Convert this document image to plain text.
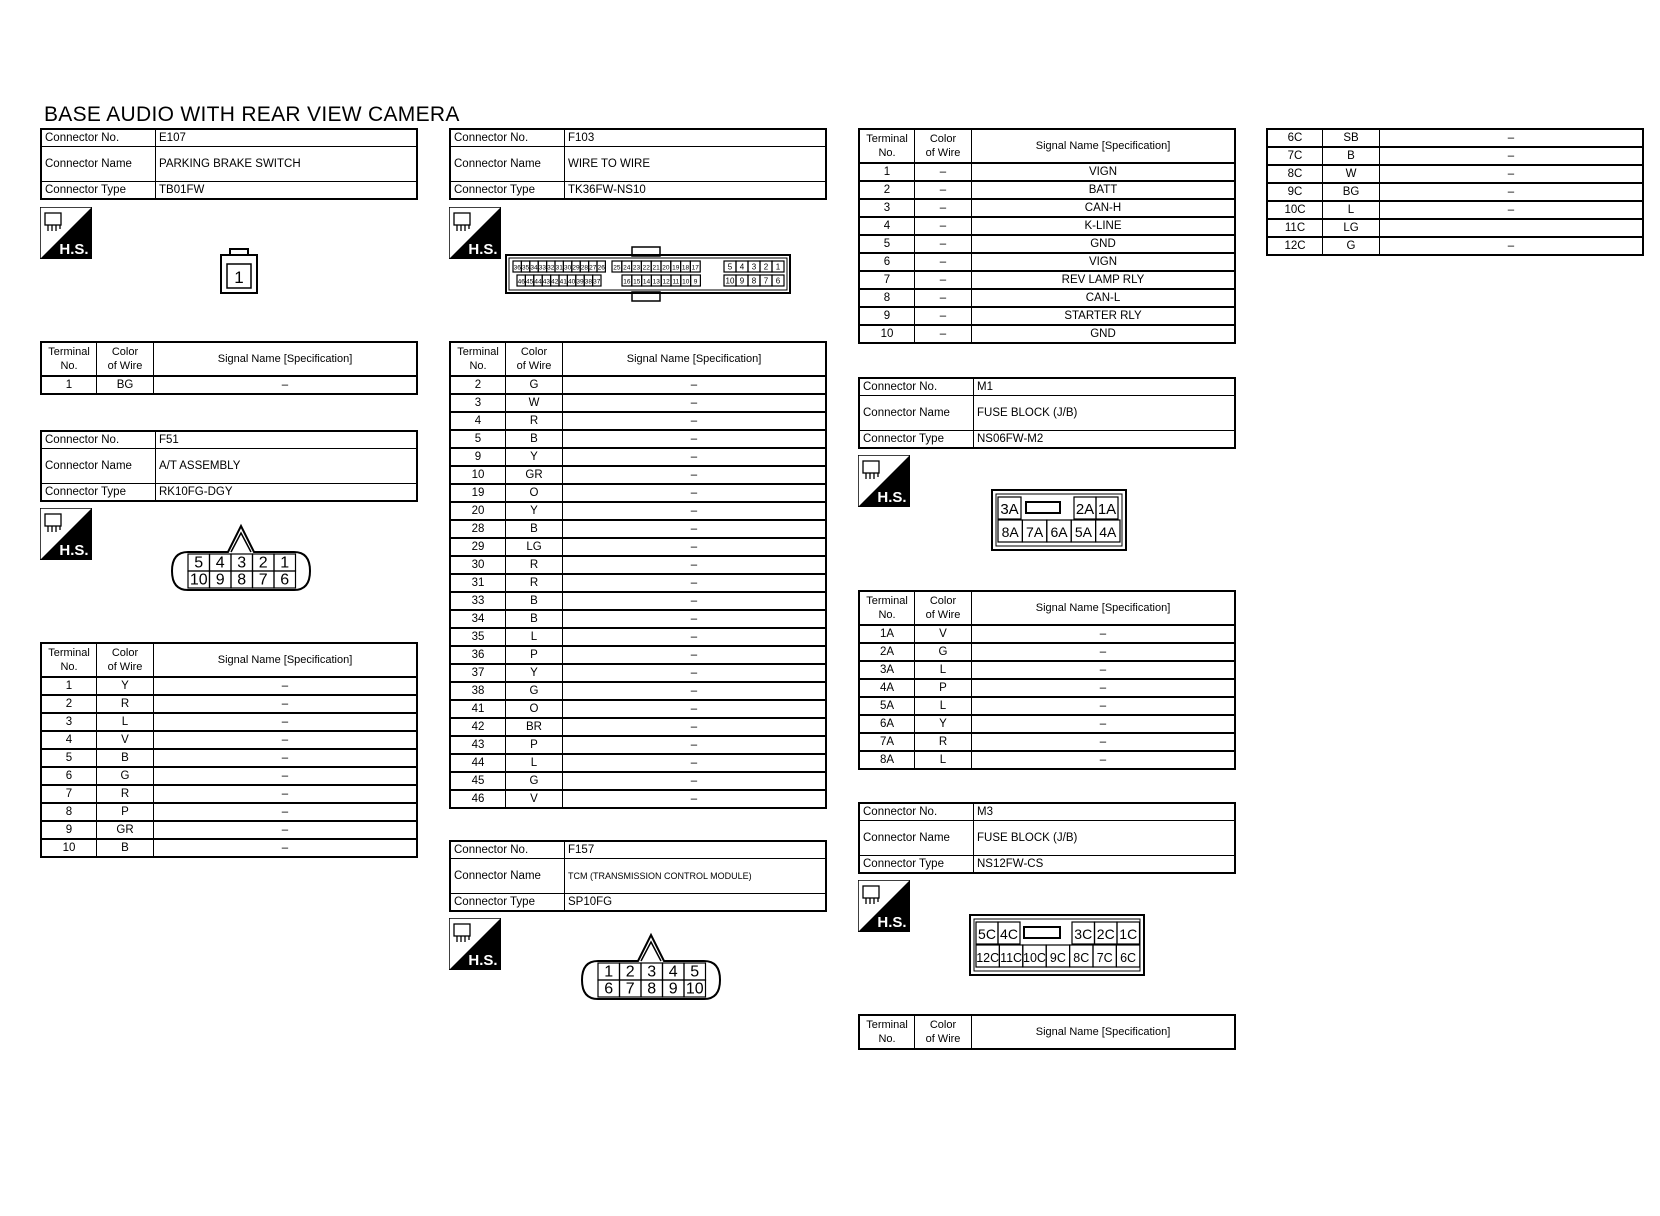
BASE AUDIO WITH REAR VIEW CAMERA
Connector No.	E107
Connector Name	PARKING BRAKE SWITCH
Connector Type	TB01FW
H.S.
1
Terminal
No.	Color
of Wire	Signal Name [Specification]
1	BG	–
Connector No.	F51
Connector Name	A/T ASSEMBLY
Connector Type	RK10FG-DGY
H.S.
5 4 3 2 1
10 9 8 7 6
Terminal
No.	Color
of Wire	Signal Name [Specification]
1	Y	–
2	R	–
3	L	–
4	V	–
5	B	–
6	G	–
7	R	–
8	P	–
9	GR	–
10	B	–
Connector No.	F103
Connector Name	WIRE TO WIRE
Connector Type	TK36FW-NS10
H.S.
36 35 34 33 32 31 30 29 28 27 26 25 24 23 22 21 20 19 18 17	5 4 3 2 1
46 45 44 43 42 41 40 39 38 37	16 15 14 13 12 11 10 9	10 9 8 7 6
Terminal
No.	Color
of Wire	Signal Name [Specification]
2	G	–
3	W	–
4	R	–
5	B	–
9	Y	–
10	GR	–
19	O	–
20	Y	–
28	B	–
29	LG	–
30	R	–
31	R	–
33	B	–
34	B	–
35	L	–
36	P	–
37	Y	–
38	G	–
41	O	–
42	BR	–
43	P	–
44	L	–
45	G	–
46	V	–
Connector No.	F157
Connector Name	TCM (TRANSMISSION CONTROL MODULE)
Connector Type	SP10FG
H.S.
1 2 3 4 5
6 7 8 9 10
Terminal
No.	Color
of Wire	Signal Name [Specification]
1	–	VIGN
2	–	BATT
3	–	CAN-H
4	–	K-LINE
5	–	GND
6	–	VIGN
7	–	REV LAMP RLY
8	–	CAN-L
9	–	STARTER RLY
10	–	GND
Connector No.	M1
Connector Name	FUSE BLOCK (J/B)
Connector Type	NS06FW-M2
H.S.
3A	2A 1A
8A 7A 6A 5A 4A
Terminal
No.	Color
of Wire	Signal Name [Specification]
1A	V	–
2A	G	–
3A	L	–
4A	P	–
5A	L	–
6A	Y	–
7A	R	–
8A	L	–
Connector No.	M3
Connector Name	FUSE BLOCK (J/B)
Connector Type	NS12FW-CS
H.S.
5C 4C	3C 2C 1C
12C 11C 10C 9C 8C 7C 6C
Terminal
No.	Color
of Wire	Signal Name [Specification]
6C	SB	–
7C	B	–
8C	W	–
9C	BG	–
10C	L	–
11C	LG	
12C	G	–
